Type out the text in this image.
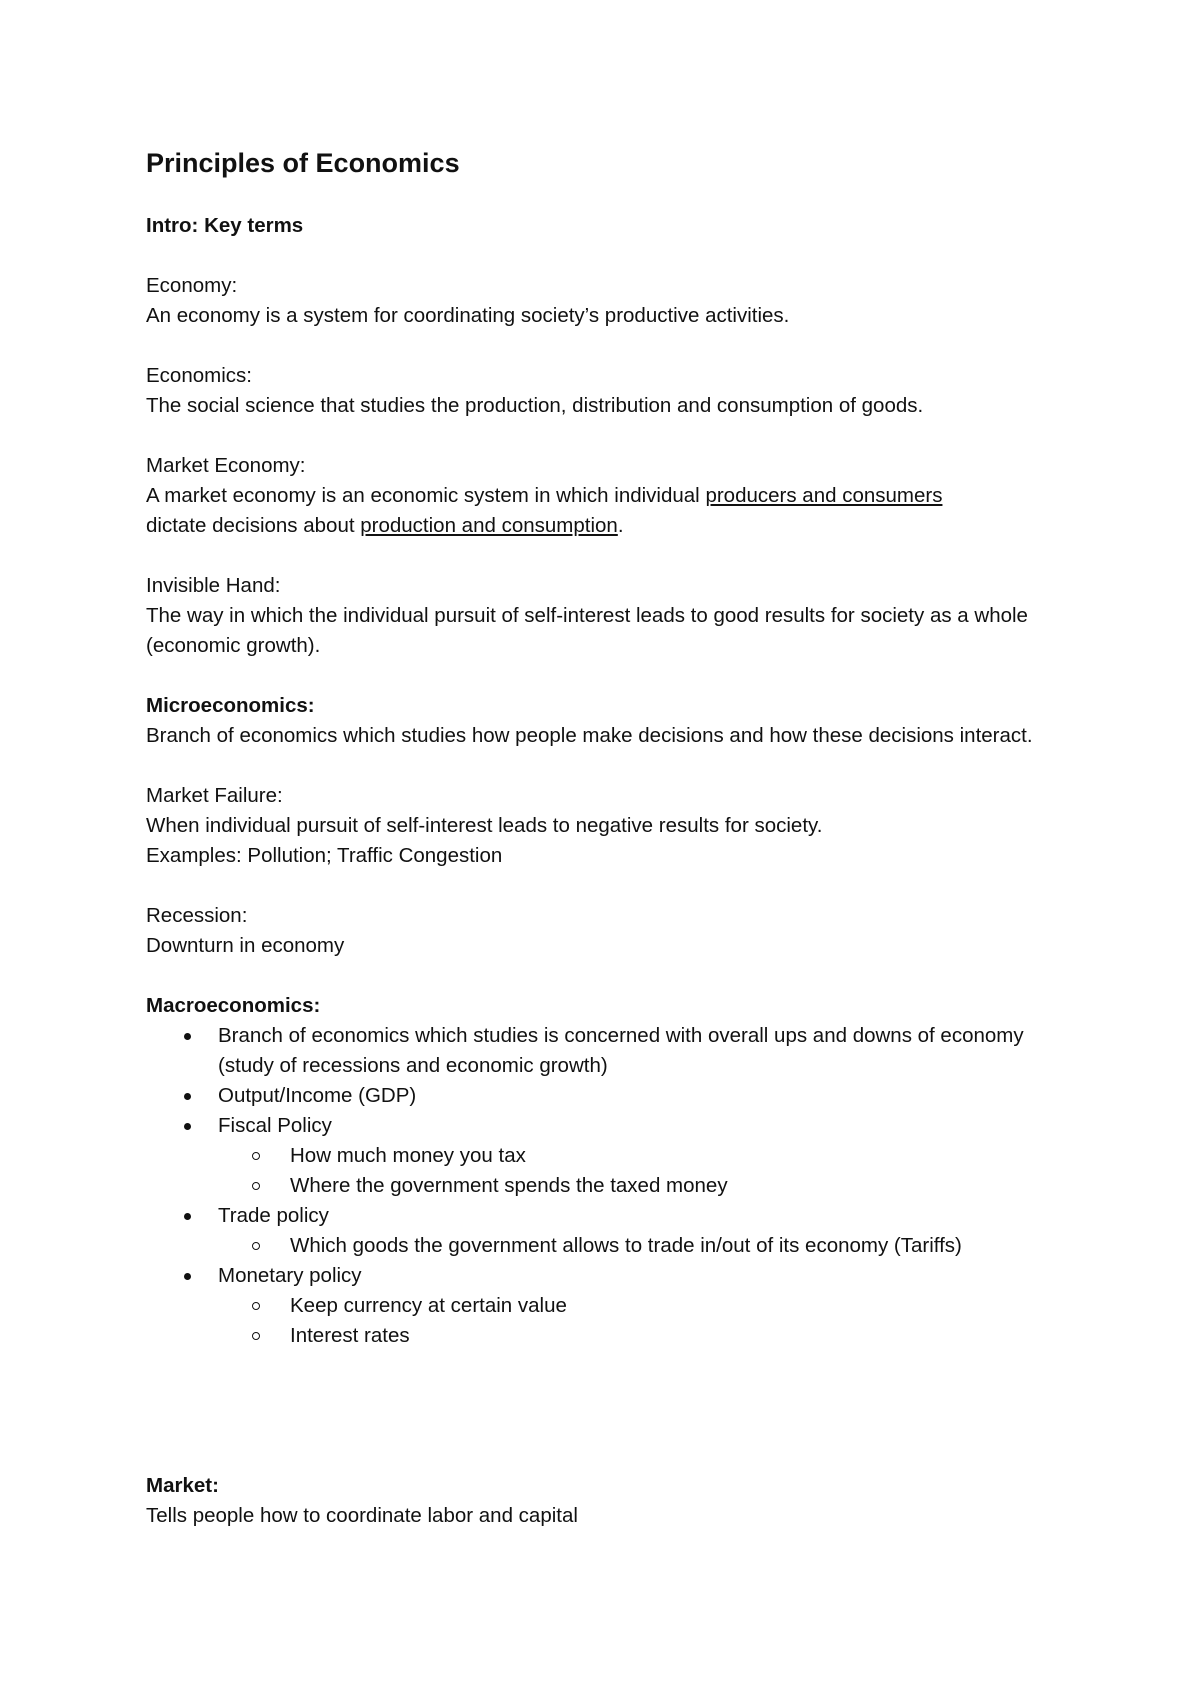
Principles of Economics
Intro: Key terms
Economy:
An economy is a system for coordinating society’s productive activities.
Economics:
The social science that studies the production, distribution and consumption of goods.
Market Economy:
A market economy is an economic system in which individual producers and consumers
dictate decisions about production and consumption.
Invisible Hand:
The way in which the individual pursuit of self-interest leads to good results for society as a whole (economic growth).
Microeconomics:
Branch of economics which studies how people make decisions and how these decisions interact.
Market Failure:
When individual pursuit of self-interest leads to negative results for society.
Examples: Pollution; Traffic Congestion
Recession:
Downturn in economy
Macroeconomics:
Branch of economics which studies is concerned with overall ups and downs of economy (study of recessions and economic growth)
Output/Income (GDP)
Fiscal Policy
How much money you tax
Where the government spends the taxed money
Trade policy
Which goods the government allows to trade in/out of its economy (Tariffs)
Monetary policy
Keep currency at certain value
Interest rates
Market:
Tells people how to coordinate labor and capital
